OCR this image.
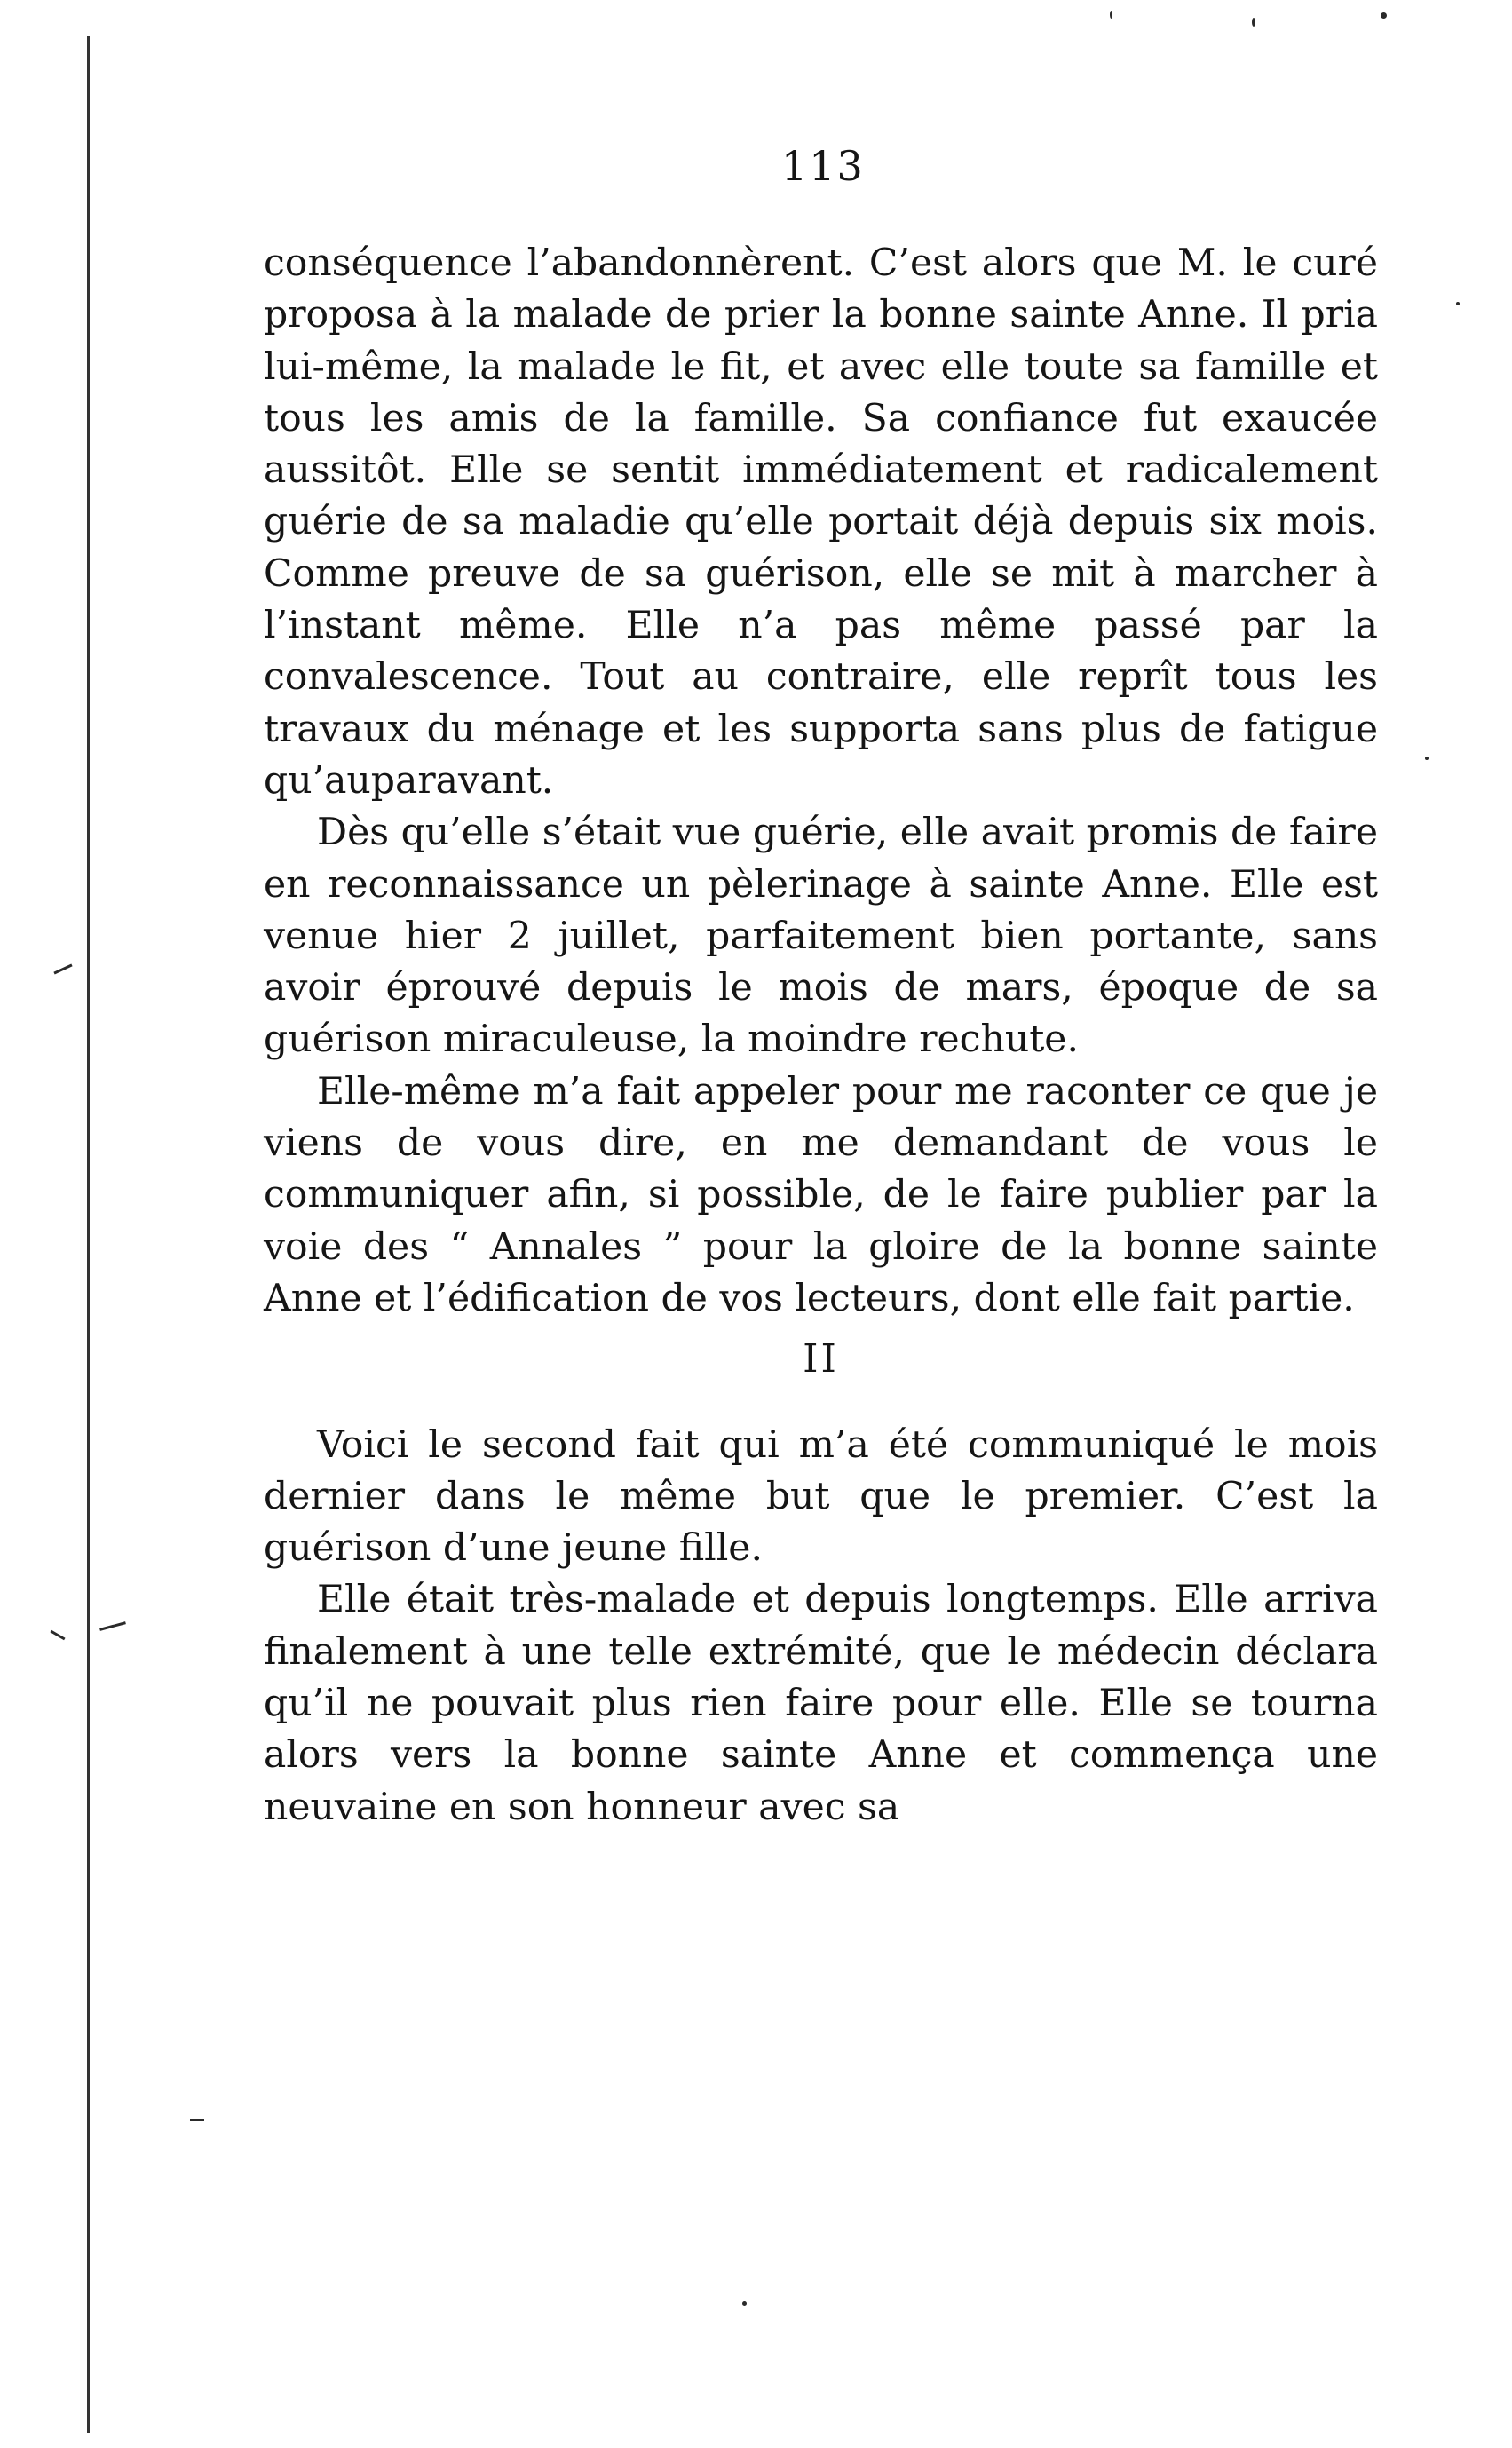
113

conséquence l’abandonnèrent. C’est alors que M. le curé proposa à la malade de prier la bonne sainte Anne. Il pria lui-même, la malade le fit, et avec elle toute sa famille et tous les amis de la famille. Sa confiance fut exaucée aussitôt. Elle se sentit immédiatement et radicalement guérie de sa maladie qu’elle portait déjà depuis six mois. Comme preuve de sa guérison, elle se mit à marcher à l’instant même. Elle n’a pas même passé par la convalescence. Tout au contraire, elle reprît tous les travaux du ménage et les supporta sans plus de fatigue qu’auparavant.

Dès qu’elle s’était vue guérie, elle avait promis de faire en reconnaissance un pèlerinage à sainte Anne. Elle est venue hier 2 juillet, parfaitement bien portante, sans avoir éprouvé depuis le mois de mars, époque de sa guérison miraculeuse, la moindre rechute.

Elle-même m’a fait appeler pour me raconter ce que je viens de vous dire, en me demandant de vous le communiquer afin, si possible, de le faire publier par la voie des “ Annales ” pour la gloire de la bonne sainte Anne et l’édification de vos lecteurs, dont elle fait partie.

II

Voici le second fait qui m’a été communiqué le mois dernier dans le même but que le premier. C’est la guérison d’une jeune fille.

Elle était très-malade et depuis longtemps. Elle arriva finalement à une telle extrémité, que le médecin déclara qu’il ne pouvait plus rien faire pour elle. Elle se tourna alors vers la bonne sainte Anne et commença une neuvaine en son honneur avec sa
